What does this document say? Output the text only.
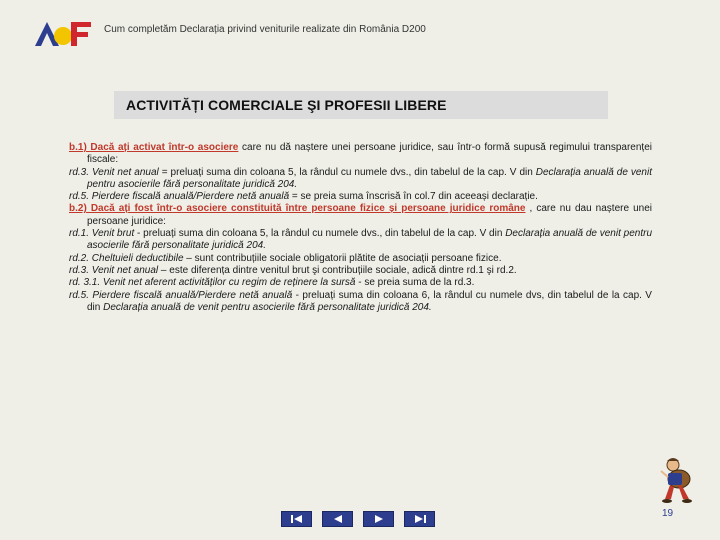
Cum completăm Declarația privind veniturile realizate din România D200
ACTIVITĂȚI COMERCIALE ŞI PROFESII LIBERE

b.1) Dacă ați activat într-o asociere care nu dă naștere unei persoane juridice, sau într-o formă supusă regimului transparenței fiscale:

rd.3. Venit net anual = preluați suma din coloana 5, la rândul cu numele dvs., din tabelul de la cap. V din Declarația anuală de venit pentru asocierile fără personalitate juridică 204.

rd.5. Pierdere fiscală anuală/Pierdere netă anuală = se preia suma înscrisă în col.7 din aceeași declarație.

b.2) Dacă ați fost într-o asociere constituită între persoane fizice și persoane juridice române , care nu dau naștere unei persoane juridice:

rd.1. Venit brut - preluați suma din coloana 5, la rândul cu numele dvs., din tabelul de la cap. V din Declarația anuală de venit pentru asocierile fără personalitate juridică 204.

rd.2. Cheltuieli deductibile – sunt contribuțiile sociale obligatorii plătite de asociații persoane fizice.

rd.3. Venit net anual – este diferența dintre venitul brut şi contribuțiile sociale, adică dintre rd.1 şi rd.2.

rd. 3.1. Venit net aferent activităților cu regim de reținere la sursă - se preia suma de la rd.3.

rd.5. Pierdere fiscală anuală/Pierdere netă anuală - preluați suma din coloana 6, la rândul cu numele dvs, din tabelul de la cap. V din Declarația anuală de venit pentru asocierile fără personalitate juridică 204.

19
